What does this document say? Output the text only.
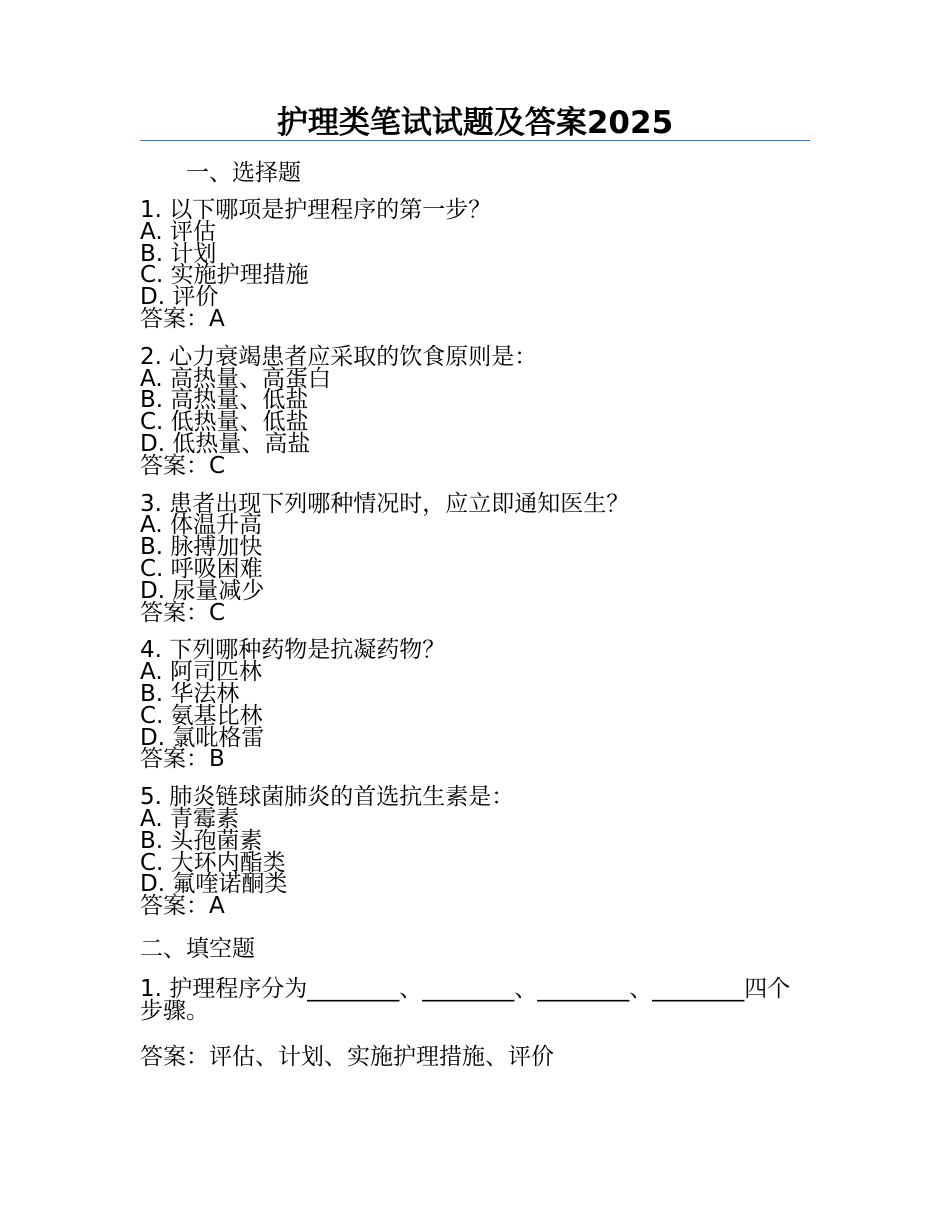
护理类笔试试题及答案2025
一、选择题
1. 以下哪项是护理程序的第一步？
A. 评估
B. 计划
C. 实施护理措施
D. 评价
答案：A
2. 心力衰竭患者应采取的饮食原则是：
A. 高热量、高蛋白
B. 高热量、低盐
C. 低热量、低盐
D. 低热量、高盐
答案：C
3. 患者出现下列哪种情况时，应立即通知医生？
A. 体温升高
B. 脉搏加快
C. 呼吸困难
D. 尿量减少
答案：C
4. 下列哪种药物是抗凝药物？
A. 阿司匹林
B. 华法林
C. 氨基比林
D. 氯吡格雷
答案：B
5. 肺炎链球菌肺炎的首选抗生素是：
A. 青霉素
B. 头孢菌素
C. 大环内酯类
D. 氟喹诺酮类
答案：A
二、填空题
1. 护理程序分为________、________、________、________四个步骤。
答案：评估、计划、实施护理措施、评价
